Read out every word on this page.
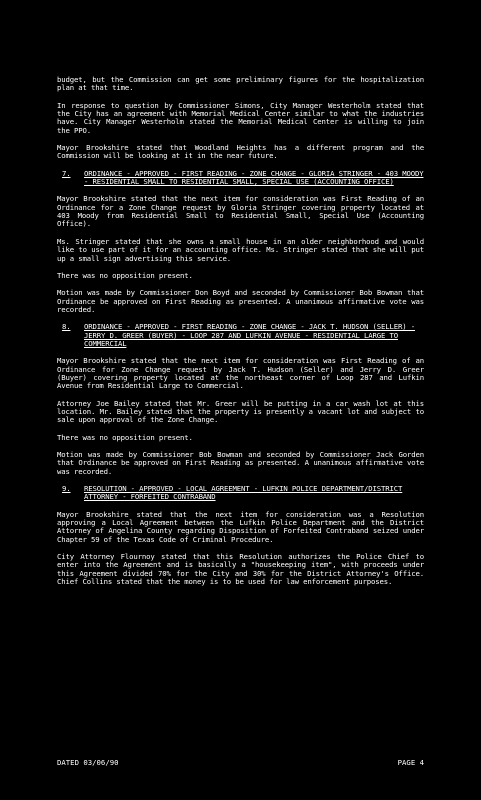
budget, but the Commission can get some preliminary figures for the hospitalization plan at that time.

In response to question by Commissioner Simons, City Manager Westerholm stated that the City has an agreement with Memorial Medical Center similar to what the industries have. City Manager Westerholm stated the Memorial Medical Center is willing to join the PPO.

Mayor Brookshire stated that Woodland Heights has a different program and the Commission will be looking at it in the near future.

7.	ORDINANCE - APPROVED - FIRST READING - ZONE CHANGE - GLORIA STRINGER - 403 MOODY - RESIDENTIAL SMALL TO RESIDENTIAL SMALL, SPECIAL USE (ACCOUNTING OFFICE)

Mayor Brookshire stated that the next item for consideration was First Reading of an Ordinance for a Zone Change request by Gloria Stringer covering property located at 403 Moody from Residential Small to Residential Small, Special Use (Accounting Office).

Ms. Stringer stated that she owns a small house in an older neighborhood and would like to use part of it for an accounting office. Ms. Stringer stated that she will put up a small sign advertising this service.

There was no opposition present.

Motion was made by Commissioner Don Boyd and seconded by Commissioner Bob Bowman that Ordinance be approved on First Reading as presented. A unanimous affirmative vote was recorded.

8.	ORDINANCE - APPROVED - FIRST READING - ZONE CHANGE - JACK T. HUDSON (SELLER) - JERRY D. GREER (BUYER) - LOOP 287 AND LUFKIN AVENUE - RESIDENTIAL LARGE TO COMMERCIAL

Mayor Brookshire stated that the next item for consideration was First Reading of an Ordinance for Zone Change request by Jack T. Hudson (Seller) and Jerry D. Greer (Buyer) covering property located at the northeast corner of Loop 287 and Lufkin Avenue from Residential Large to Commercial.

Attorney Joe Bailey stated that Mr. Greer will be putting in a car wash lot at this location. Mr. Bailey stated that the property is presently a vacant lot and subject to sale upon approval of the Zone Change.

There was no opposition present.

Motion was made by Commissioner Bob Bowman and seconded by Commissioner Jack Gorden that Ordinance be approved on First Reading as presented. A unanimous affirmative vote was recorded.

9.	RESOLUTION - APPROVED - LOCAL AGREEMENT - LUFKIN POLICE DEPARTMENT/DISTRICT ATTORNEY - FORFEITED CONTRABAND

Mayor Brookshire stated that the next item for consideration was a Resolution approving a Local Agreement between the Lufkin Police Department and the District Attorney of Angelina County regarding Disposition of Forfeited Contraband seized under Chapter 59 of the Texas Code of Criminal Procedure.

City Attorney Flournoy stated that this Resolution authorizes the Police Chief to enter into the Agreement and is basically a "housekeeping item", with proceeds under this Agreement divided 70% for the City and 30% for the District Attorney's Office. Chief Collins stated that the money is to be used for law enforcement purposes.

DATED 03/06/90	PAGE 4
